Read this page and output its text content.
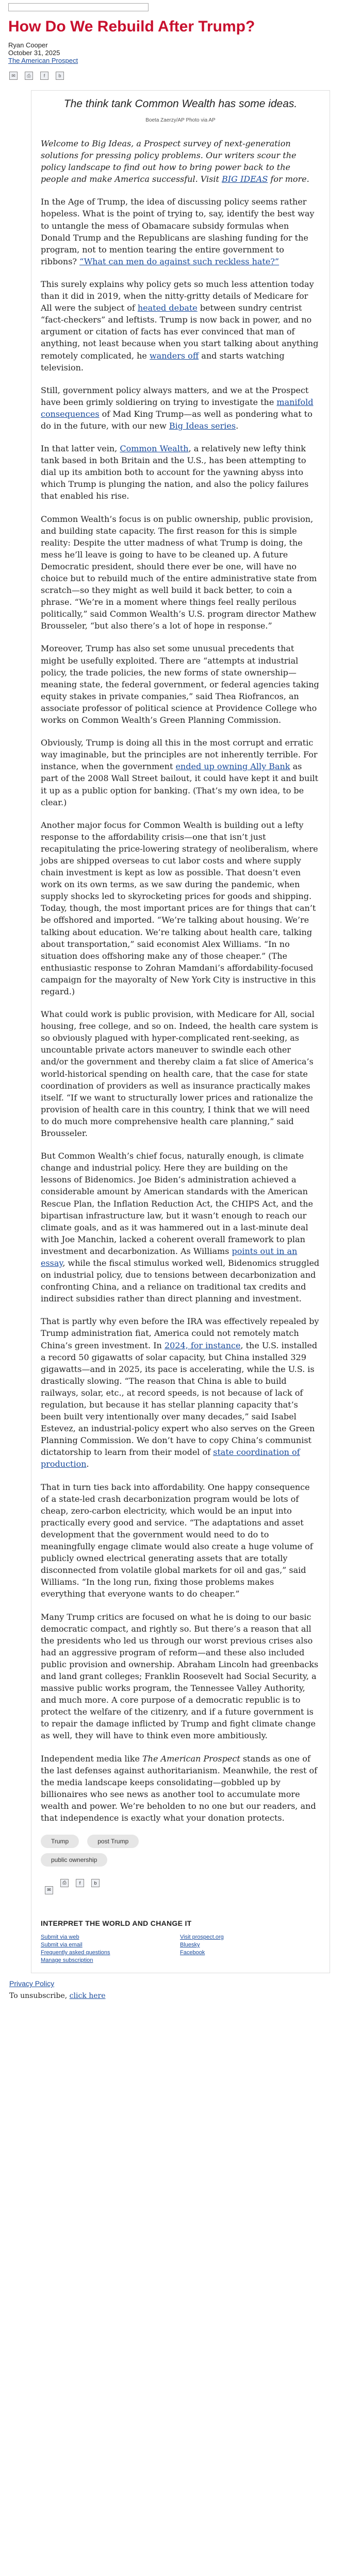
How Do We Rebuild After Trump?
Ryan Cooper
October 31, 2025
The American Prospect
✉	⎙	f	b
The think tank Common Wealth has some ideas.
Boeta Zaerzy/AP Photo via AP

Welcome to Big Ideas, a Prospect survey of next-generation solutions for pressing policy problems. Our writers scour the policy landscape to find out how to bring power back to the people and make America successful. Visit BIG IDEAS for more.

In the Age of Trump, the idea of discussing policy seems rather hopeless. What is the point of trying to, say, identify the best way to untangle the mess of Obamacare subsidy formulas when Donald Trump and the Republicans are slashing funding for the program, not to mention tearing the entire government to ribbons? “What can men do against such reckless hate?”

This surely explains why policy gets so much less attention today than it did in 2019, when the nitty-gritty details of Medicare for All were the subject of heated debate between sundry centrist “fact-checkers” and leftists. Trump is now back in power, and no argument or citation of facts has ever convinced that man of anything, not least because when you start talking about anything remotely complicated, he wanders off and starts watching television.

Still, government policy always matters, and we at the Prospect have been grimly soldiering on trying to investigate the manifold consequences of Mad King Trump—as well as pondering what to do in the future, with our new Big Ideas series.

In that latter vein, Common Wealth, a relatively new lefty think tank based in both Britain and the U.S., has been attempting to dial up its ambition both to account for the yawning abyss into which Trump is plunging the nation, and also the policy failures that enabled his rise.

Common Wealth’s focus is on public ownership, public provision, and building state capacity. The first reason for this is simple reality: Despite the utter madness of what Trump is doing, the mess he’ll leave is going to have to be cleaned up. A future Democratic president, should there ever be one, will have no choice but to rebuild much of the entire administrative state from scratch—so they might as well build it back better, to coin a phrase. “We’re in a moment where things feel really perilous politically,” said Common Wealth’s U.S. program director Mathew Brousseler, “but also there’s a lot of hope in response.”

Moreover, Trump has also set some unusual precedents that might be usefully exploited. There are “attempts at industrial policy, the trade policies, the new forms of state ownership—meaning state, the federal government, or federal agencies taking equity stakes in private companies,” said Thea Riofrancos, an associate professor of political science at Providence College who works on Common Wealth’s Green Planning Commission.

Obviously, Trump is doing all this in the most corrupt and erratic way imaginable, but the principles are not inherently terrible. For instance, when the government ended up owning Ally Bank as part of the 2008 Wall Street bailout, it could have kept it and built it up as a public option for banking. (That’s my own idea, to be clear.)

Another major focus for Common Wealth is building out a lefty response to the affordability crisis—one that isn’t just recapitulating the price-lowering strategy of neoliberalism, where jobs are shipped overseas to cut labor costs and where supply chain investment is kept as low as possible. That doesn’t even work on its own terms, as we saw during the pandemic, when supply shocks led to skyrocketing prices for goods and shipping. Today, though, the most important prices are for things that can’t be offshored and imported. “We’re talking about housing. We’re talking about education. We’re talking about health care, talking about transportation,” said economist Alex Williams. “In no situation does offshoring make any of those cheaper.” (The enthusiastic response to Zohran Mamdani’s affordability-focused campaign for the mayoralty of New York City is instructive in this regard.)

What could work is public provision, with Medicare for All, social housing, free college, and so on. Indeed, the health care system is so obviously plagued with hyper-complicated rent-seeking, as uncountable private actors maneuver to swindle each other and/or the government and thereby claim a fat slice of America’s world-historical spending on health care, that the case for state coordination of providers as well as insurance practically makes itself. “If we want to structurally lower prices and rationalize the provision of health care in this country, I think that we will need to do much more comprehensive health care planning,” said Brousseler.

But Common Wealth’s chief focus, naturally enough, is climate change and industrial policy. Here they are building on the lessons of Bidenomics. Joe Biden’s administration achieved a considerable amount by American standards with the American Rescue Plan, the Inflation Reduction Act, the CHIPS Act, and the bipartisan infrastructure law, but it wasn’t enough to reach our climate goals, and as it was hammered out in a last-minute deal with Joe Manchin, lacked a coherent overall framework to plan investment and decarbonization. As Williams points out in an essay, while the fiscal stimulus worked well, Bidenomics struggled on industrial policy, due to tensions between decarbonization and confronting China, and a reliance on traditional tax credits and indirect subsidies rather than direct planning and investment.

That is partly why even before the IRA was effectively repealed by Trump administration fiat, America could not remotely match China’s green investment. In 2024, for instance, the U.S. installed a record 50 gigawatts of solar capacity, but China installed 329 gigawatts—and in 2025, its pace is accelerating, while the U.S. is drastically slowing. “The reason that China is able to build railways, solar, etc., at record speeds, is not because of lack of regulation, but because it has stellar planning capacity that’s been built very intentionally over many decades,” said Isabel Estevez, an industrial-policy expert who also serves on the Green Planning Commission. We don’t have to copy China’s communist dictatorship to learn from their model of state coordination of production.

That in turn ties back into affordability. One happy consequence of a state-led crash decarbonization program would be lots of cheap, zero-carbon electricity, which would be an input into practically every good and service. “The adaptations and asset development that the government would need to do to meaningfully engage climate would also create a huge volume of publicly owned electrical generating assets that are totally disconnected from volatile global markets for oil and gas,” said Williams. “In the long run, fixing those problems makes everything that everyone wants to do cheaper.”

Many Trump critics are focused on what he is doing to our basic democratic compact, and rightly so. But there’s a reason that all the presidents who led us through our worst previous crises also had an aggressive program of reform—and these also included public provision and ownership. Abraham Lincoln had greenbacks and land grant colleges; Franklin Roosevelt had Social Security, a massive public works program, the Tennessee Valley Authority, and much more. A core purpose of a democratic republic is to protect the welfare of the citizenry, and if a future government is to repair the damage inflicted by Trump and fight climate change as well, they will have to think even more ambitiously.

Independent media like The American Prospect stands as one of the last defenses against authoritarianism. Meanwhile, the rest of the media landscape keeps consolidating—gobbled up by billionaires who see news as another tool to accumulate more wealth and power. We’re beholden to no one but our readers, and that independence is exactly what your donation protects.

Trump	post Trump
public ownership
✉
⎙	f	b
INTERPRET THE WORLD AND CHANGE IT
Submit via web
Submit via email
Frequently asked questions
Manage subscription
Visit prospect.org
Bluesky
Facebook
Privacy Policy
To unsubscribe, click here
